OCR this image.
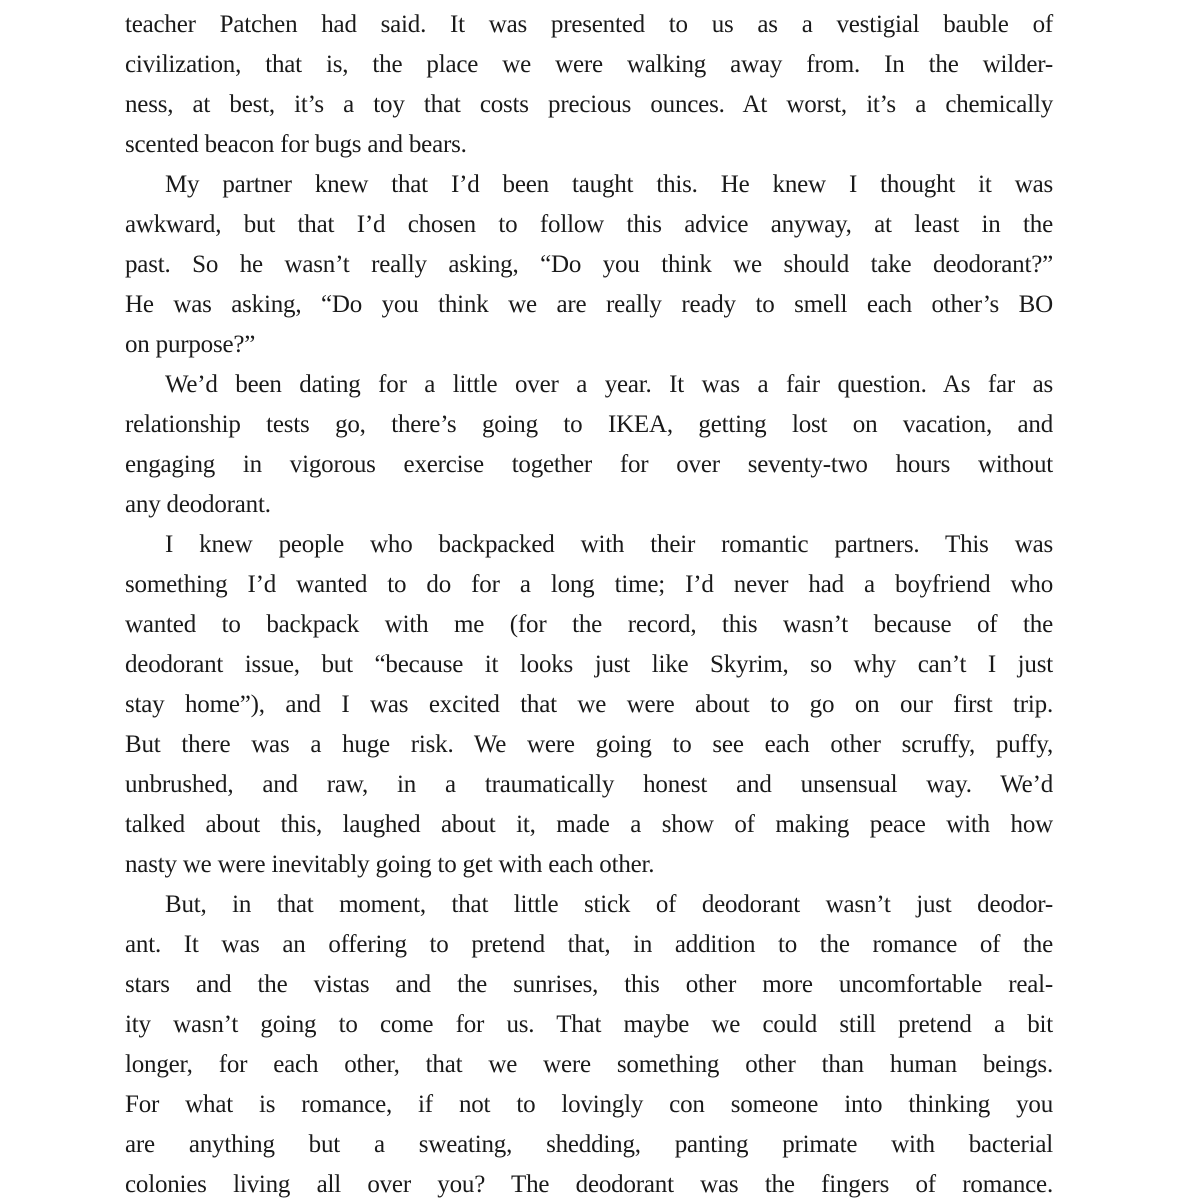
teacher Patchen had said. It was presented to us as a vestigial bauble of
civilization, that is, the place we were walking away from. In the wilder-
ness, at best, it’s a toy that costs precious ounces. At worst, it’s a chemically
scented beacon for bugs and bears.
My partner knew that I’d been taught this. He knew I thought it was
awkward, but that I’d chosen to follow this advice anyway, at least in the
past. So he wasn’t really asking, “Do you think we should take deodorant?”
He was asking, “Do you think we are really ready to smell each other’s BO
on purpose?”
We’d been dating for a little over a year. It was a fair question. As far as
relationship tests go, there’s going to IKEA, getting lost on vacation, and
engaging in vigorous exercise together for over seventy-two hours without
any deodorant.
I knew people who backpacked with their romantic partners. This was
something I’d wanted to do for a long time; I’d never had a boyfriend who
wanted to backpack with me (for the record, this wasn’t because of the
deodorant issue, but “because it looks just like Skyrim, so why can’t I just
stay home”), and I was excited that we were about to go on our first trip.
But there was a huge risk. We were going to see each other scruffy, puffy,
unbrushed, and raw, in a traumatically honest and unsensual way. We’d
talked about this, laughed about it, made a show of making peace with how
nasty we were inevitably going to get with each other.
But, in that moment, that little stick of deodorant wasn’t just deodor-
ant. It was an offering to pretend that, in addition to the romance of the
stars and the vistas and the sunrises, this other more uncomfortable real-
ity wasn’t going to come for us. That maybe we could still pretend a bit
longer, for each other, that we were something other than human beings.
For what is romance, if not to lovingly con someone into thinking you
are anything but a sweating, shedding, panting primate with bacterial
colonies living all over you? The deodorant was the fingers of romance.
